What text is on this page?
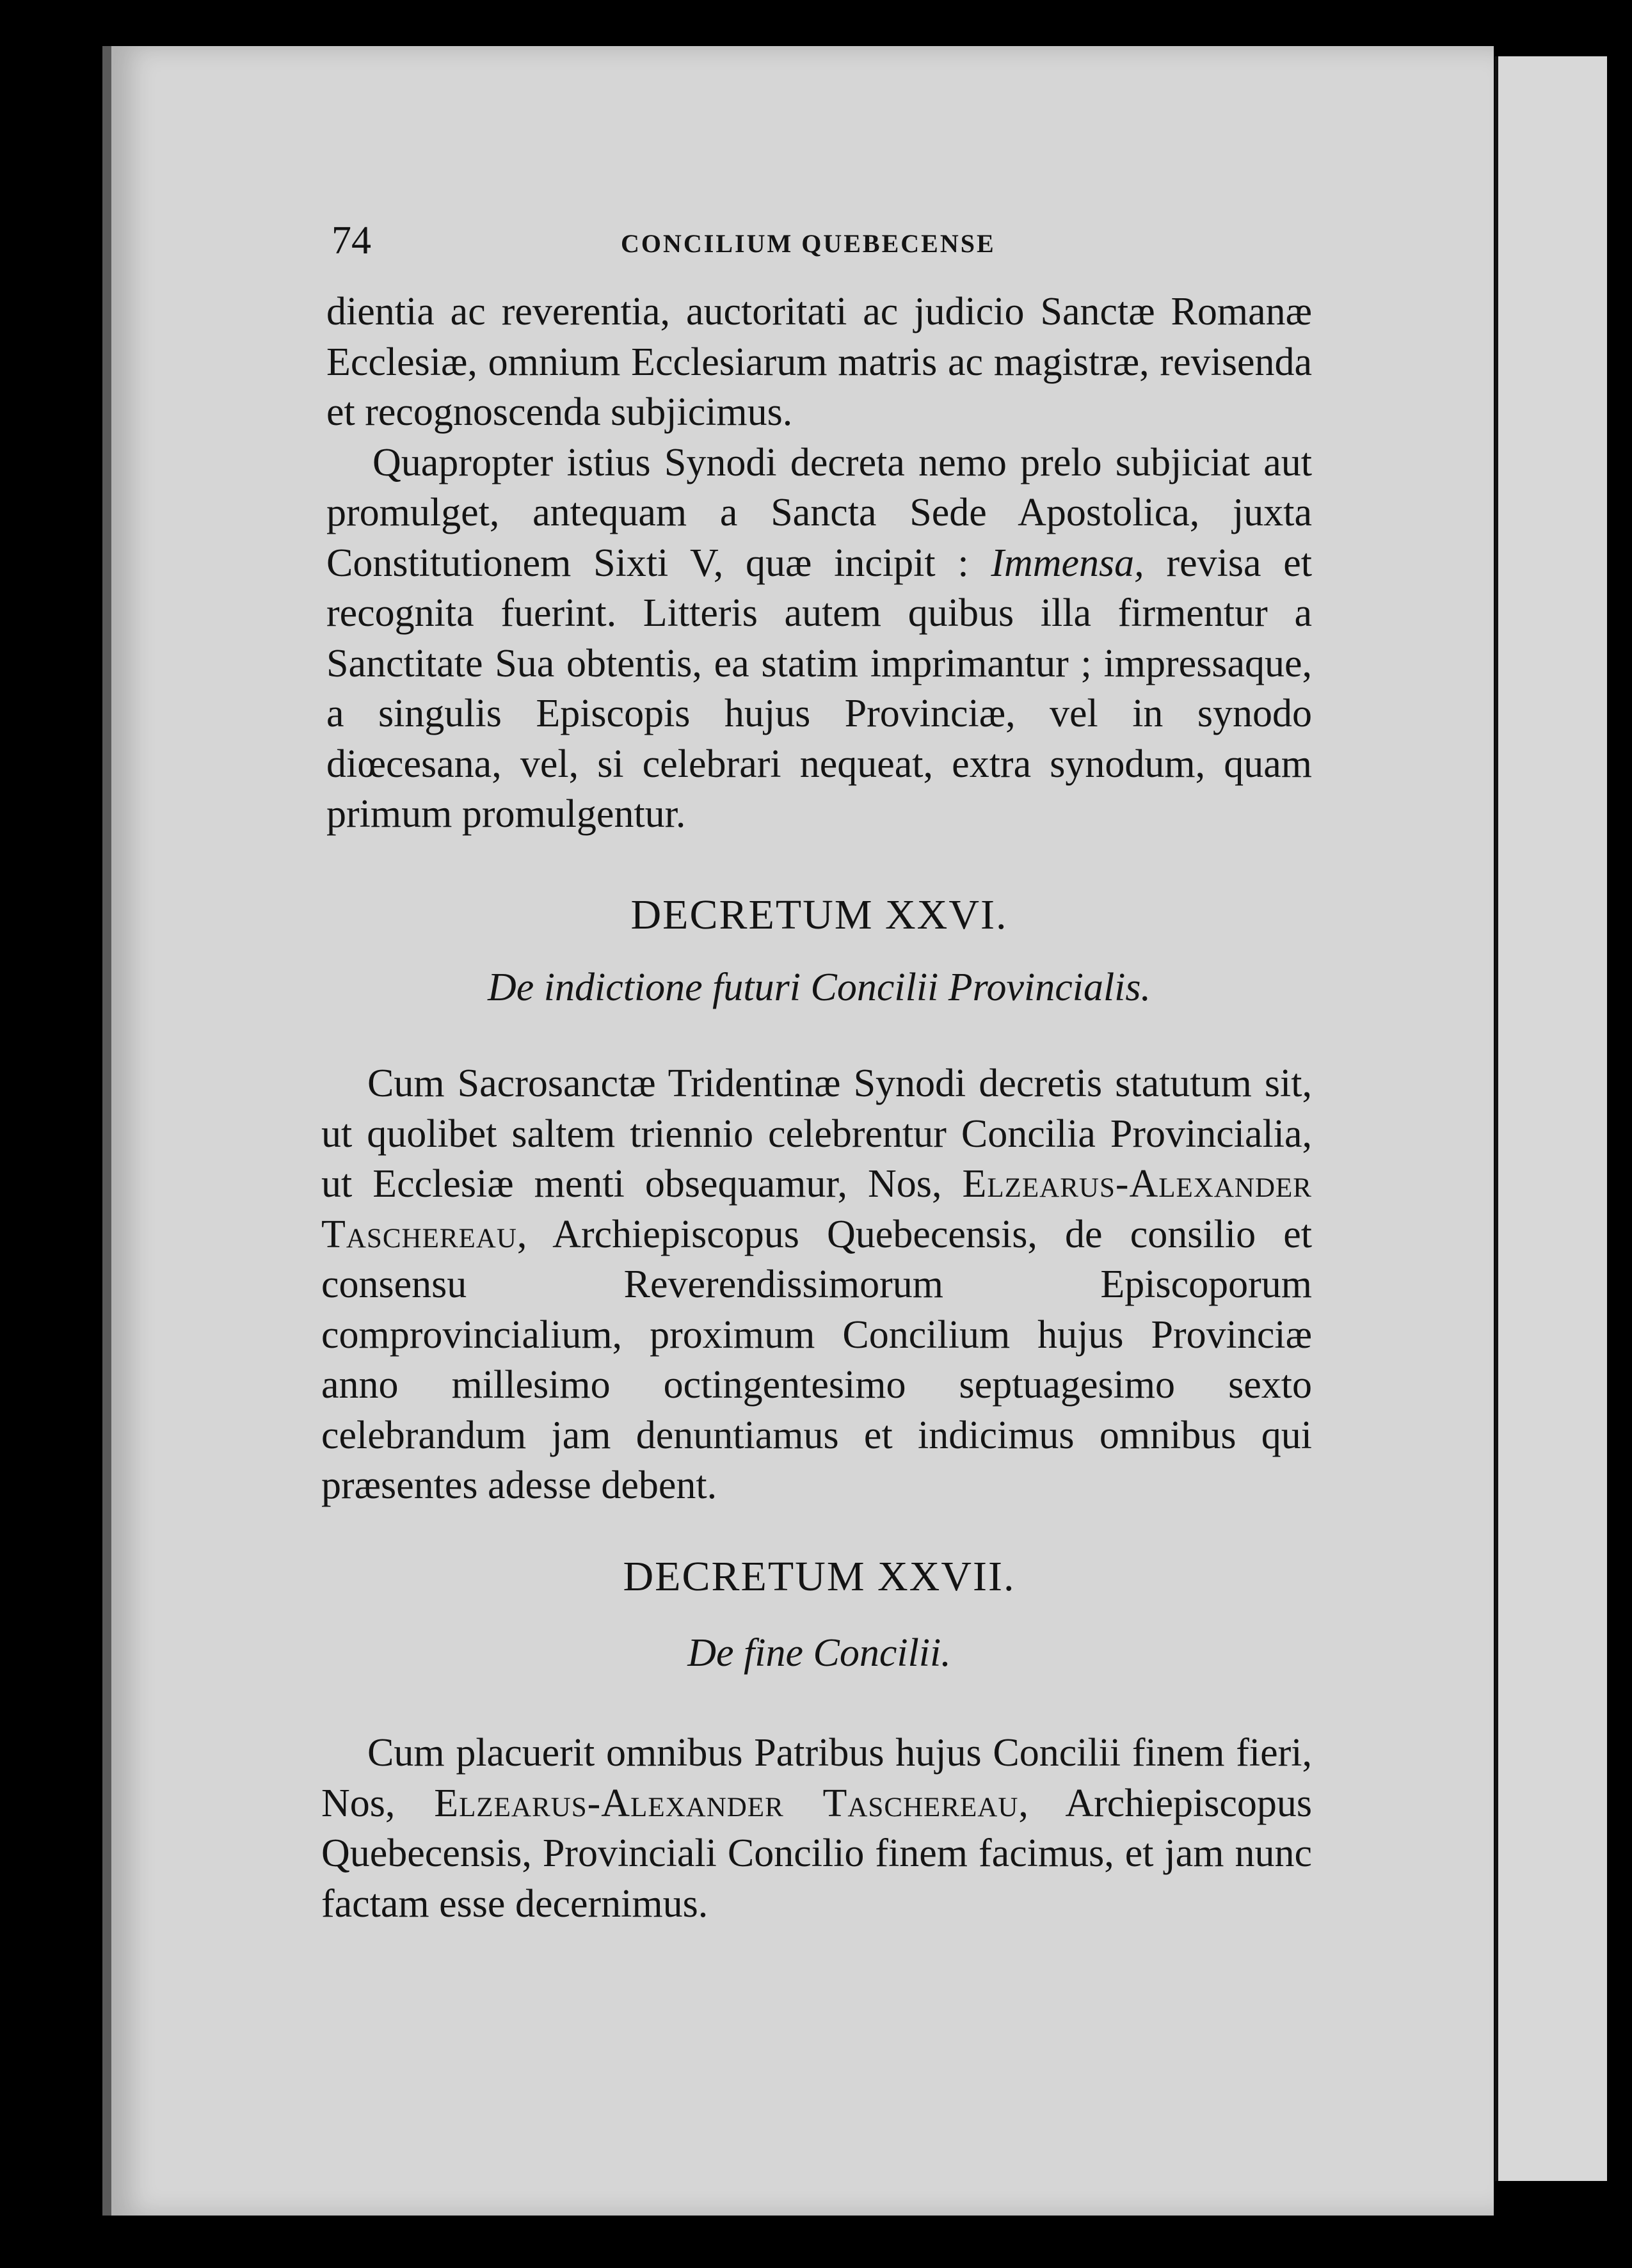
74	CONCILIUM QUEBECENSE

dientia ac reverentia, auctoritati ac judicio Sanctæ Romanæ Ecclesiæ, omnium Ecclesiarum matris ac magistræ, revisenda et recognoscenda subjicimus.

Quapropter istius Synodi decreta nemo prelo subjiciat aut promulget, antequam a Sancta Sede Apostolica, juxta Constitutionem Sixti V, quæ incipit : Immensa, revisa et recognita fuerint. Litteris autem quibus illa firmentur a Sanctitate Sua obtentis, ea statim imprimantur ; impressaque, a singulis Episcopis hujus Provinciæ, vel in synodo diœcesana, vel, si celebrari nequeat, extra synodum, quam primum promulgentur.

DECRETUM XXVI.
De indictione futuri Concilii Provincialis.

Cum Sacrosanctæ Tridentinæ Synodi decretis statutum sit, ut quolibet saltem triennio celebrentur Concilia Provincialia, ut Ecclesiæ menti obsequamur, Nos, Elzearus-Alexander Taschereau, Archiepiscopus Quebecensis, de consilio et consensu Reverendissimorum Episcoporum comprovincialium, proximum Concilium hujus Provinciæ anno millesimo octingentesimo septuagesimo sexto celebrandum jam denuntiamus et indicimus omnibus qui præsentes adesse debent.

DECRETUM XXVII.
De fine Concilii.

Cum placuerit omnibus Patribus hujus Concilii finem fieri, Nos, Elzearus-Alexander Taschereau, Archiepiscopus Quebecensis, Provinciali Concilio finem facimus, et jam nunc factam esse decernimus.
